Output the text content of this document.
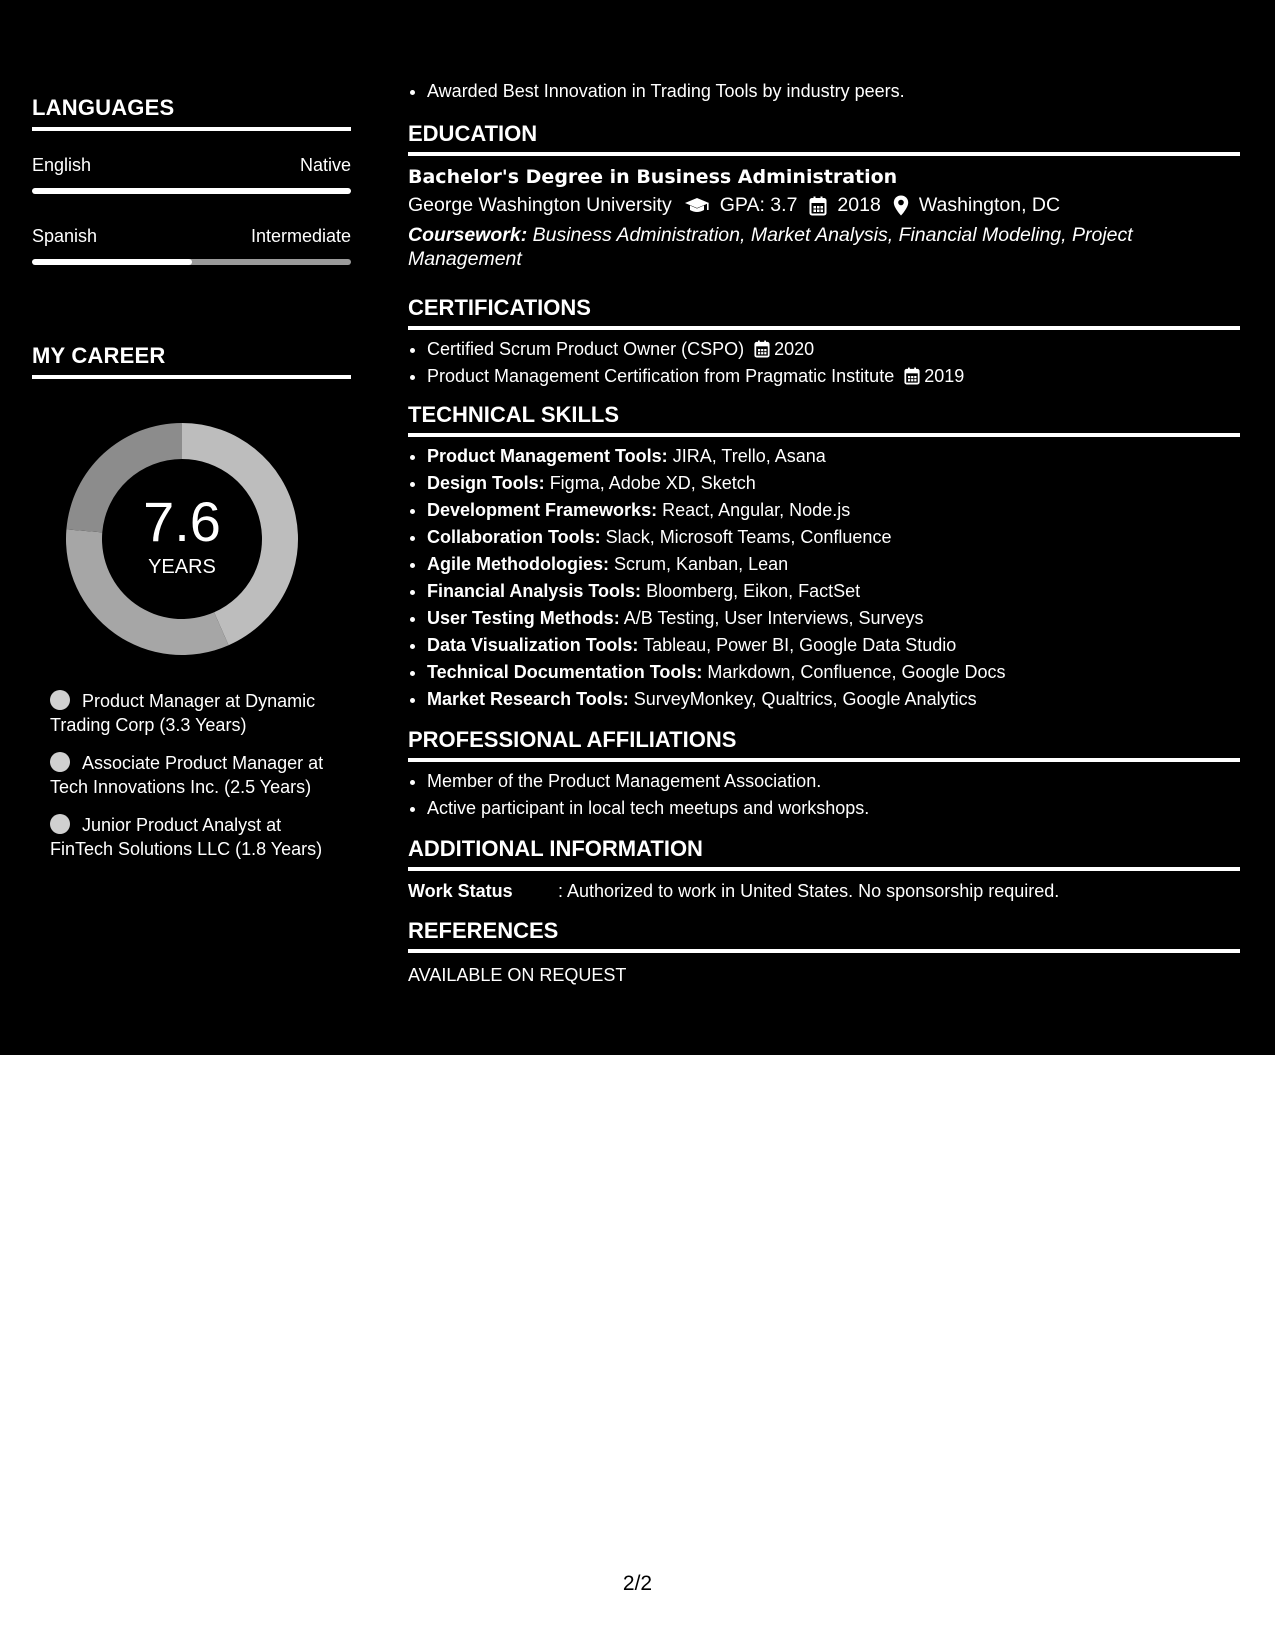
LANGUAGES
English	Native
Spanish	Intermediate
MY CAREER
7.6
YEARS
Product Manager at Dynamic Trading Corp (3.3 Years)
Associate Product Manager at Tech Innovations Inc. (2.5 Years)
Junior Product Analyst at FinTech Solutions LLC (1.8 Years)
• Awarded Best Innovation in Trading Tools by industry peers.
EDUCATION
Bachelor's Degree in Business Administration
George Washington University GPA: 3.7 2018 Washington, DC
Coursework: Business Administration, Market Analysis, Financial Modeling, Project Management
CERTIFICATIONS
• Certified Scrum Product Owner (CSPO) 2020
• Product Management Certification from Pragmatic Institute 2019
TECHNICAL SKILLS
• Product Management Tools: JIRA, Trello, Asana
• Design Tools: Figma, Adobe XD, Sketch
• Development Frameworks: React, Angular, Node.js
• Collaboration Tools: Slack, Microsoft Teams, Confluence
• Agile Methodologies: Scrum, Kanban, Lean
• Financial Analysis Tools: Bloomberg, Eikon, FactSet
• User Testing Methods: A/B Testing, User Interviews, Surveys
• Data Visualization Tools: Tableau, Power BI, Google Data Studio
• Technical Documentation Tools: Markdown, Confluence, Google Docs
• Market Research Tools: SurveyMonkey, Qualtrics, Google Analytics
PROFESSIONAL AFFILIATIONS
• Member of the Product Management Association.
• Active participant in local tech meetups and workshops.
ADDITIONAL INFORMATION
Work Status	: Authorized to work in United States. No sponsorship required.
REFERENCES
AVAILABLE ON REQUEST
2/2
